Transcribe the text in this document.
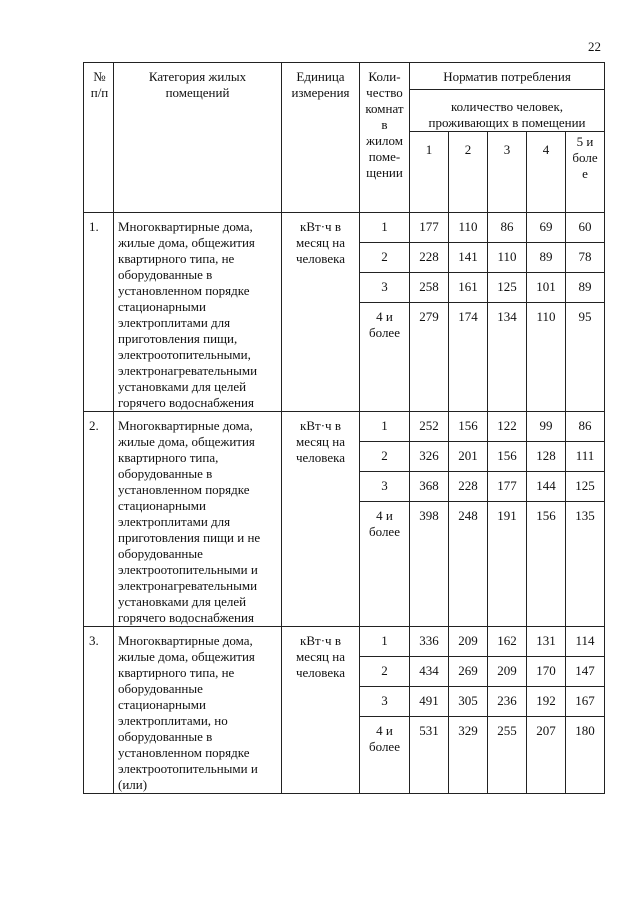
22
№ п/п	Категория жилых помещений	Единица измерения	Коли-чество комнат в жилом поме-щении	Норматив потребления				
				количество человек, проживающих в помещении				
				1	2	3	4	5 и боле е
1.	Многоквартирные дома, жилые дома, общежития квартирного типа, не оборудованные в установленном порядке стационарными электроплитами для приготовления пищи, электроотопительными, электронагревательными установками для целей горячего водоснабжения	кВт·ч в месяц на человека	1	177	110	86	69	60
			2	228	141	110	89	78
			3	258	161	125	101	89
			4 и более	279	174	134	110	95
2.	Многоквартирные дома, жилые дома, общежития квартирного типа, оборудованные в установленном порядке стационарными электроплитами для приготовления пищи и не оборудованные электроотопительными и электронагревательными установками для целей горячего водоснабжения	кВт·ч в месяц на человека	1	252	156	122	99	86
			2	326	201	156	128	111
			3	368	228	177	144	125
			4 и более	398	248	191	156	135
3.	Многоквартирные дома, жилые дома, общежития квартирного типа, не оборудованные стационарными электроплитами, но оборудованные в установленном порядке электроотопительными и (или)	кВт·ч в месяц на человека	1	336	209	162	131	114
			2	434	269	209	170	147
			3	491	305	236	192	167
			4 и более	531	329	255	207	180
